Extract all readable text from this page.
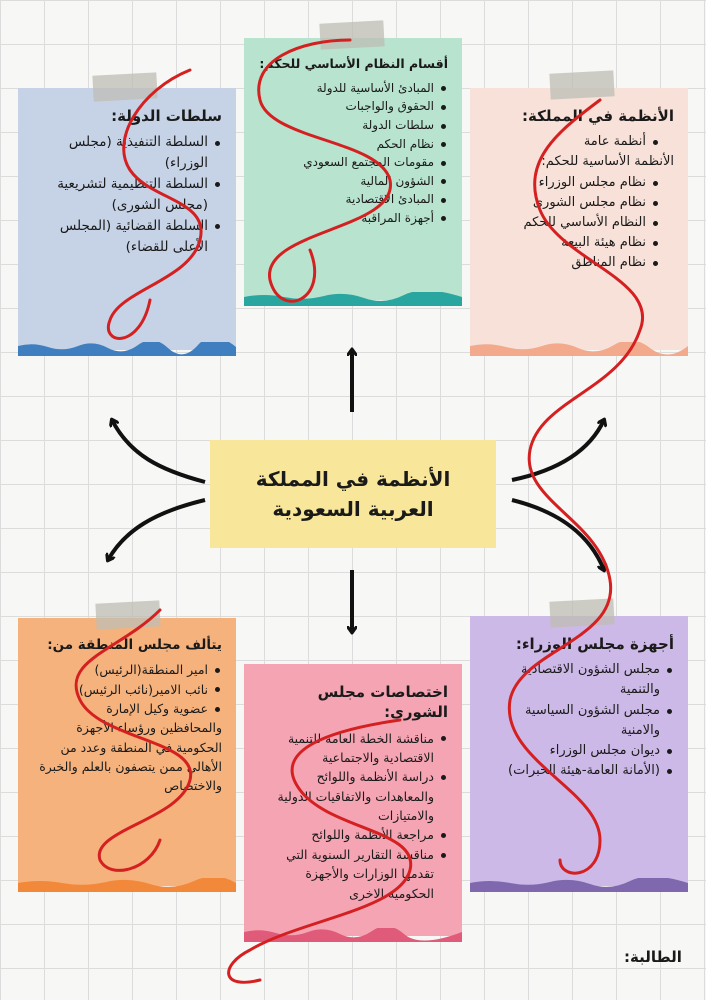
سلطات الدولة:
السلطة التنفيذية (مجلس الوزراء)
السلطة التنظيمية لتشريعية (مجلس الشورى)
السلطة القضائية (المجلس الأعلى للقضاء)
أقسام النظام الأساسي للحكم:
المبادئ الأساسية للدولة
الحقوق والواجبات
سلطات الدولة
نظام الحكم
مقومات المجتمع السعودي
الشؤون المالية
المبادئ الاقتصادية
أجهزة المراقبة
الأنظمة في المملكة:
أنظمة عامة
الأنظمة الأساسية للحكم:
نظام مجلس الوزراء
نظام مجلس الشورى
النظام الأساسي للحكم
نظام هيئة البيعة
نظام المناطق
الأنظمة في المملكة
العربية السعودية
يتألف مجلس المنطقة من:
امير المنطقة(الرئيس)
نائب الامير(نائب الرئيس)
عضوية وكيل الإمارة
والمحافظين ورؤساء الأجهزة الحكومية في المنطقة وعدد من الأهالي ممن يتصفون بالعلم والخبرة والاختصاص
اختصاصات مجلس الشورى:
مناقشة الخطة العامة للتنمية الاقتصادية والاجتماعية
دراسة الأنظمة واللوائح والمعاهدات والاتفاقيات الدولية والامتيازات
مراجعة الأنظمة واللوائح
مناقشة التقارير السنوية التي تقدمها الوزارات والأجهزة الحكومية الاخرى
أجهزة مجلس الوزراء:
مجلس الشؤون الاقتصادية والتنمية
مجلس الشؤون السياسية والامنية
ديوان مجلس الوزراء
(الأمانة العامة-هيئة الخبرات)
الطالبة:
